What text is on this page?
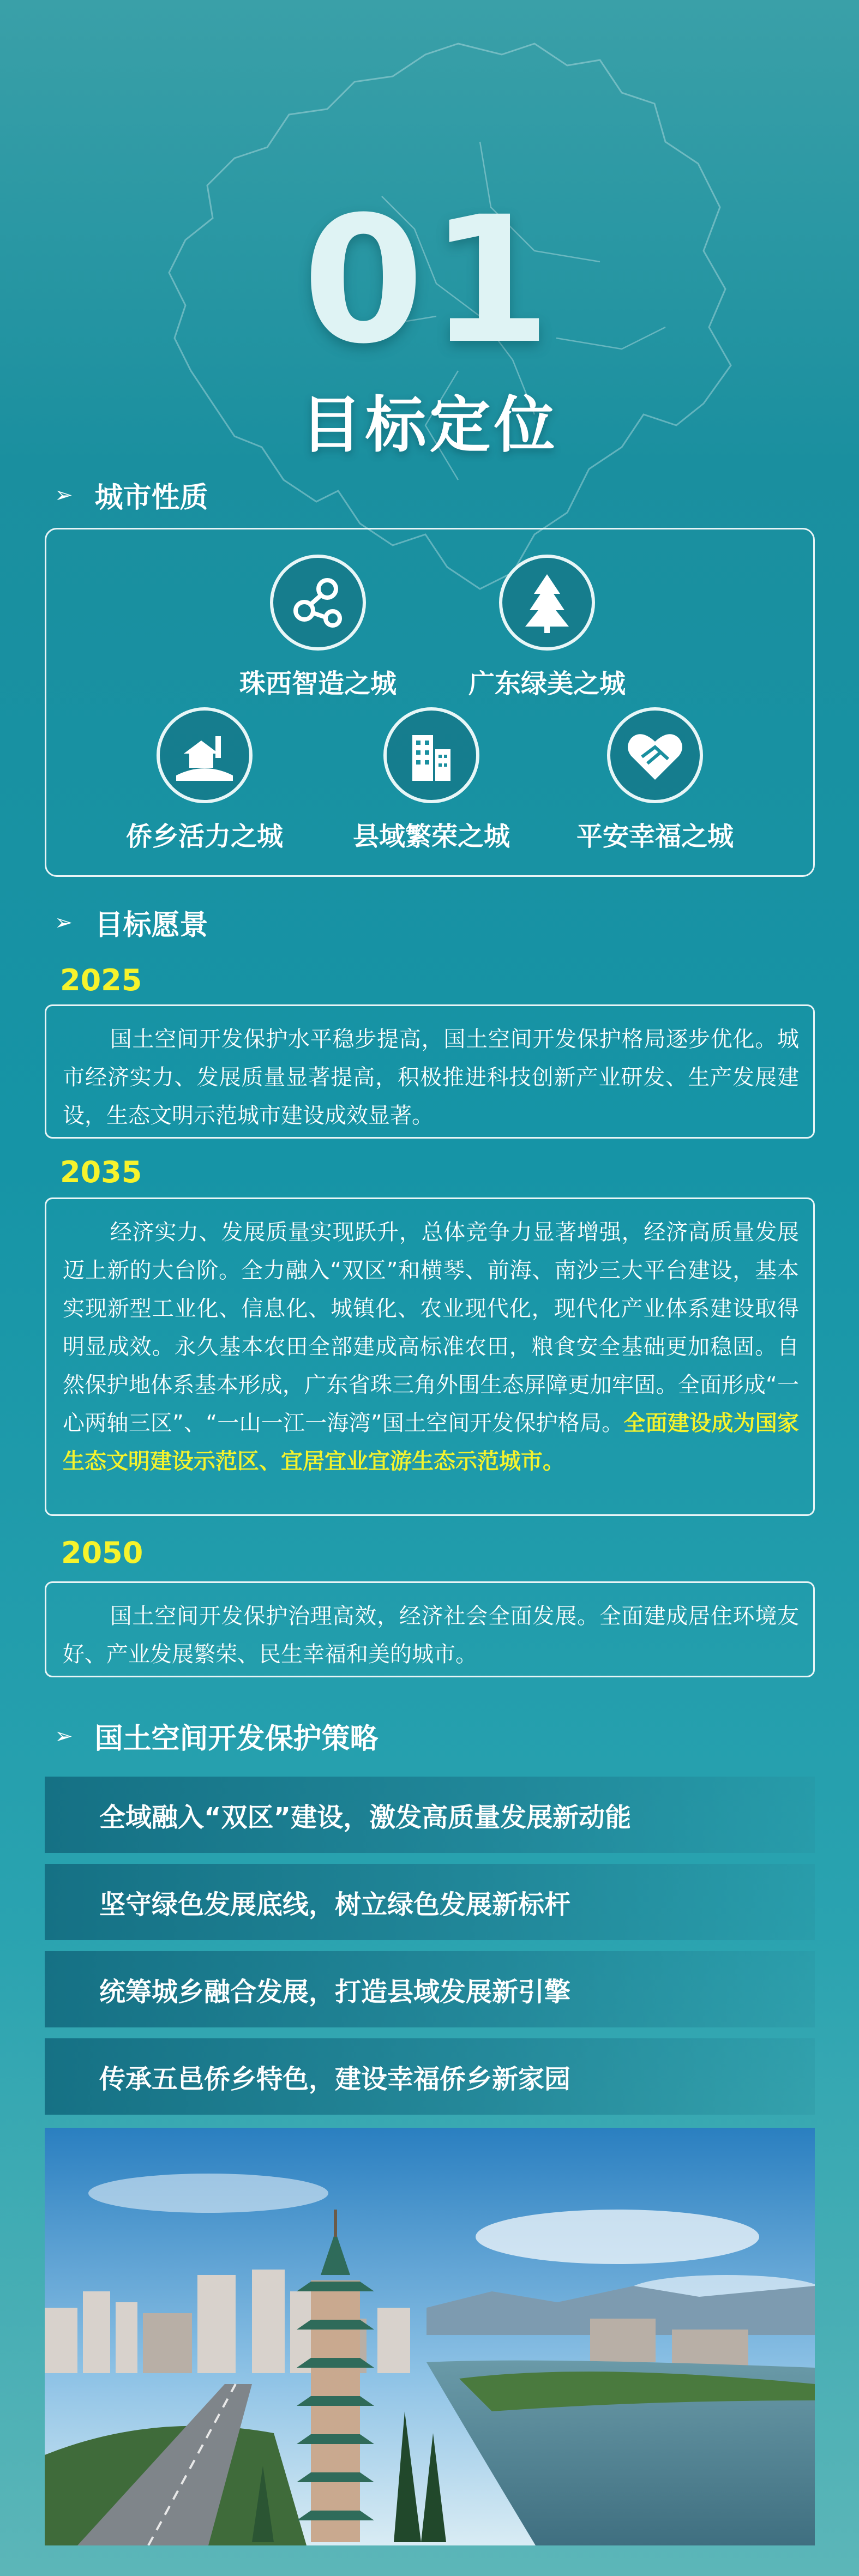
01
目标定位
➢ 城市性质
珠西智造之城	广东绿美之城
侨乡活力之城	县域繁荣之城	平安幸福之城
➢ 目标愿景
2025
国土空间开发保护水平稳步提高，国土空间开发保护格局逐步优化。城市经济实力、发展质量显著提高，积极推进科技创新产业研发、生产发展建设，生态文明示范城市建设成效显著。
2035
经济实力、发展质量实现跃升，总体竞争力显著增强，经济高质量发展迈上新的大台阶。全力融入“双区”和横琴、前海、南沙三大平台建设，基本实现新型工业化、信息化、城镇化、农业现代化，现代化产业体系建设取得明显成效。永久基本农田全部建成高标准农田，粮食安全基础更加稳固。自然保护地体系基本形成，广东省珠三角外围生态屏障更加牢固。全面形成“一心两轴三区”、“一山一江一海湾”国土空间开发保护格局。全面建设成为国家生态文明建设示范区、宜居宜业宜游生态示范城市。
2050
国土空间开发保护治理高效，经济社会全面发展。全面建成居住环境友好、产业发展繁荣、民生幸福和美的城市。
➢ 国土空间开发保护策略
全域融入“双区”建设，激发高质量发展新动能
坚守绿色发展底线，树立绿色发展新标杆
统筹城乡融合发展，打造县域发展新引擎
传承五邑侨乡特色，建设幸福侨乡新家园
